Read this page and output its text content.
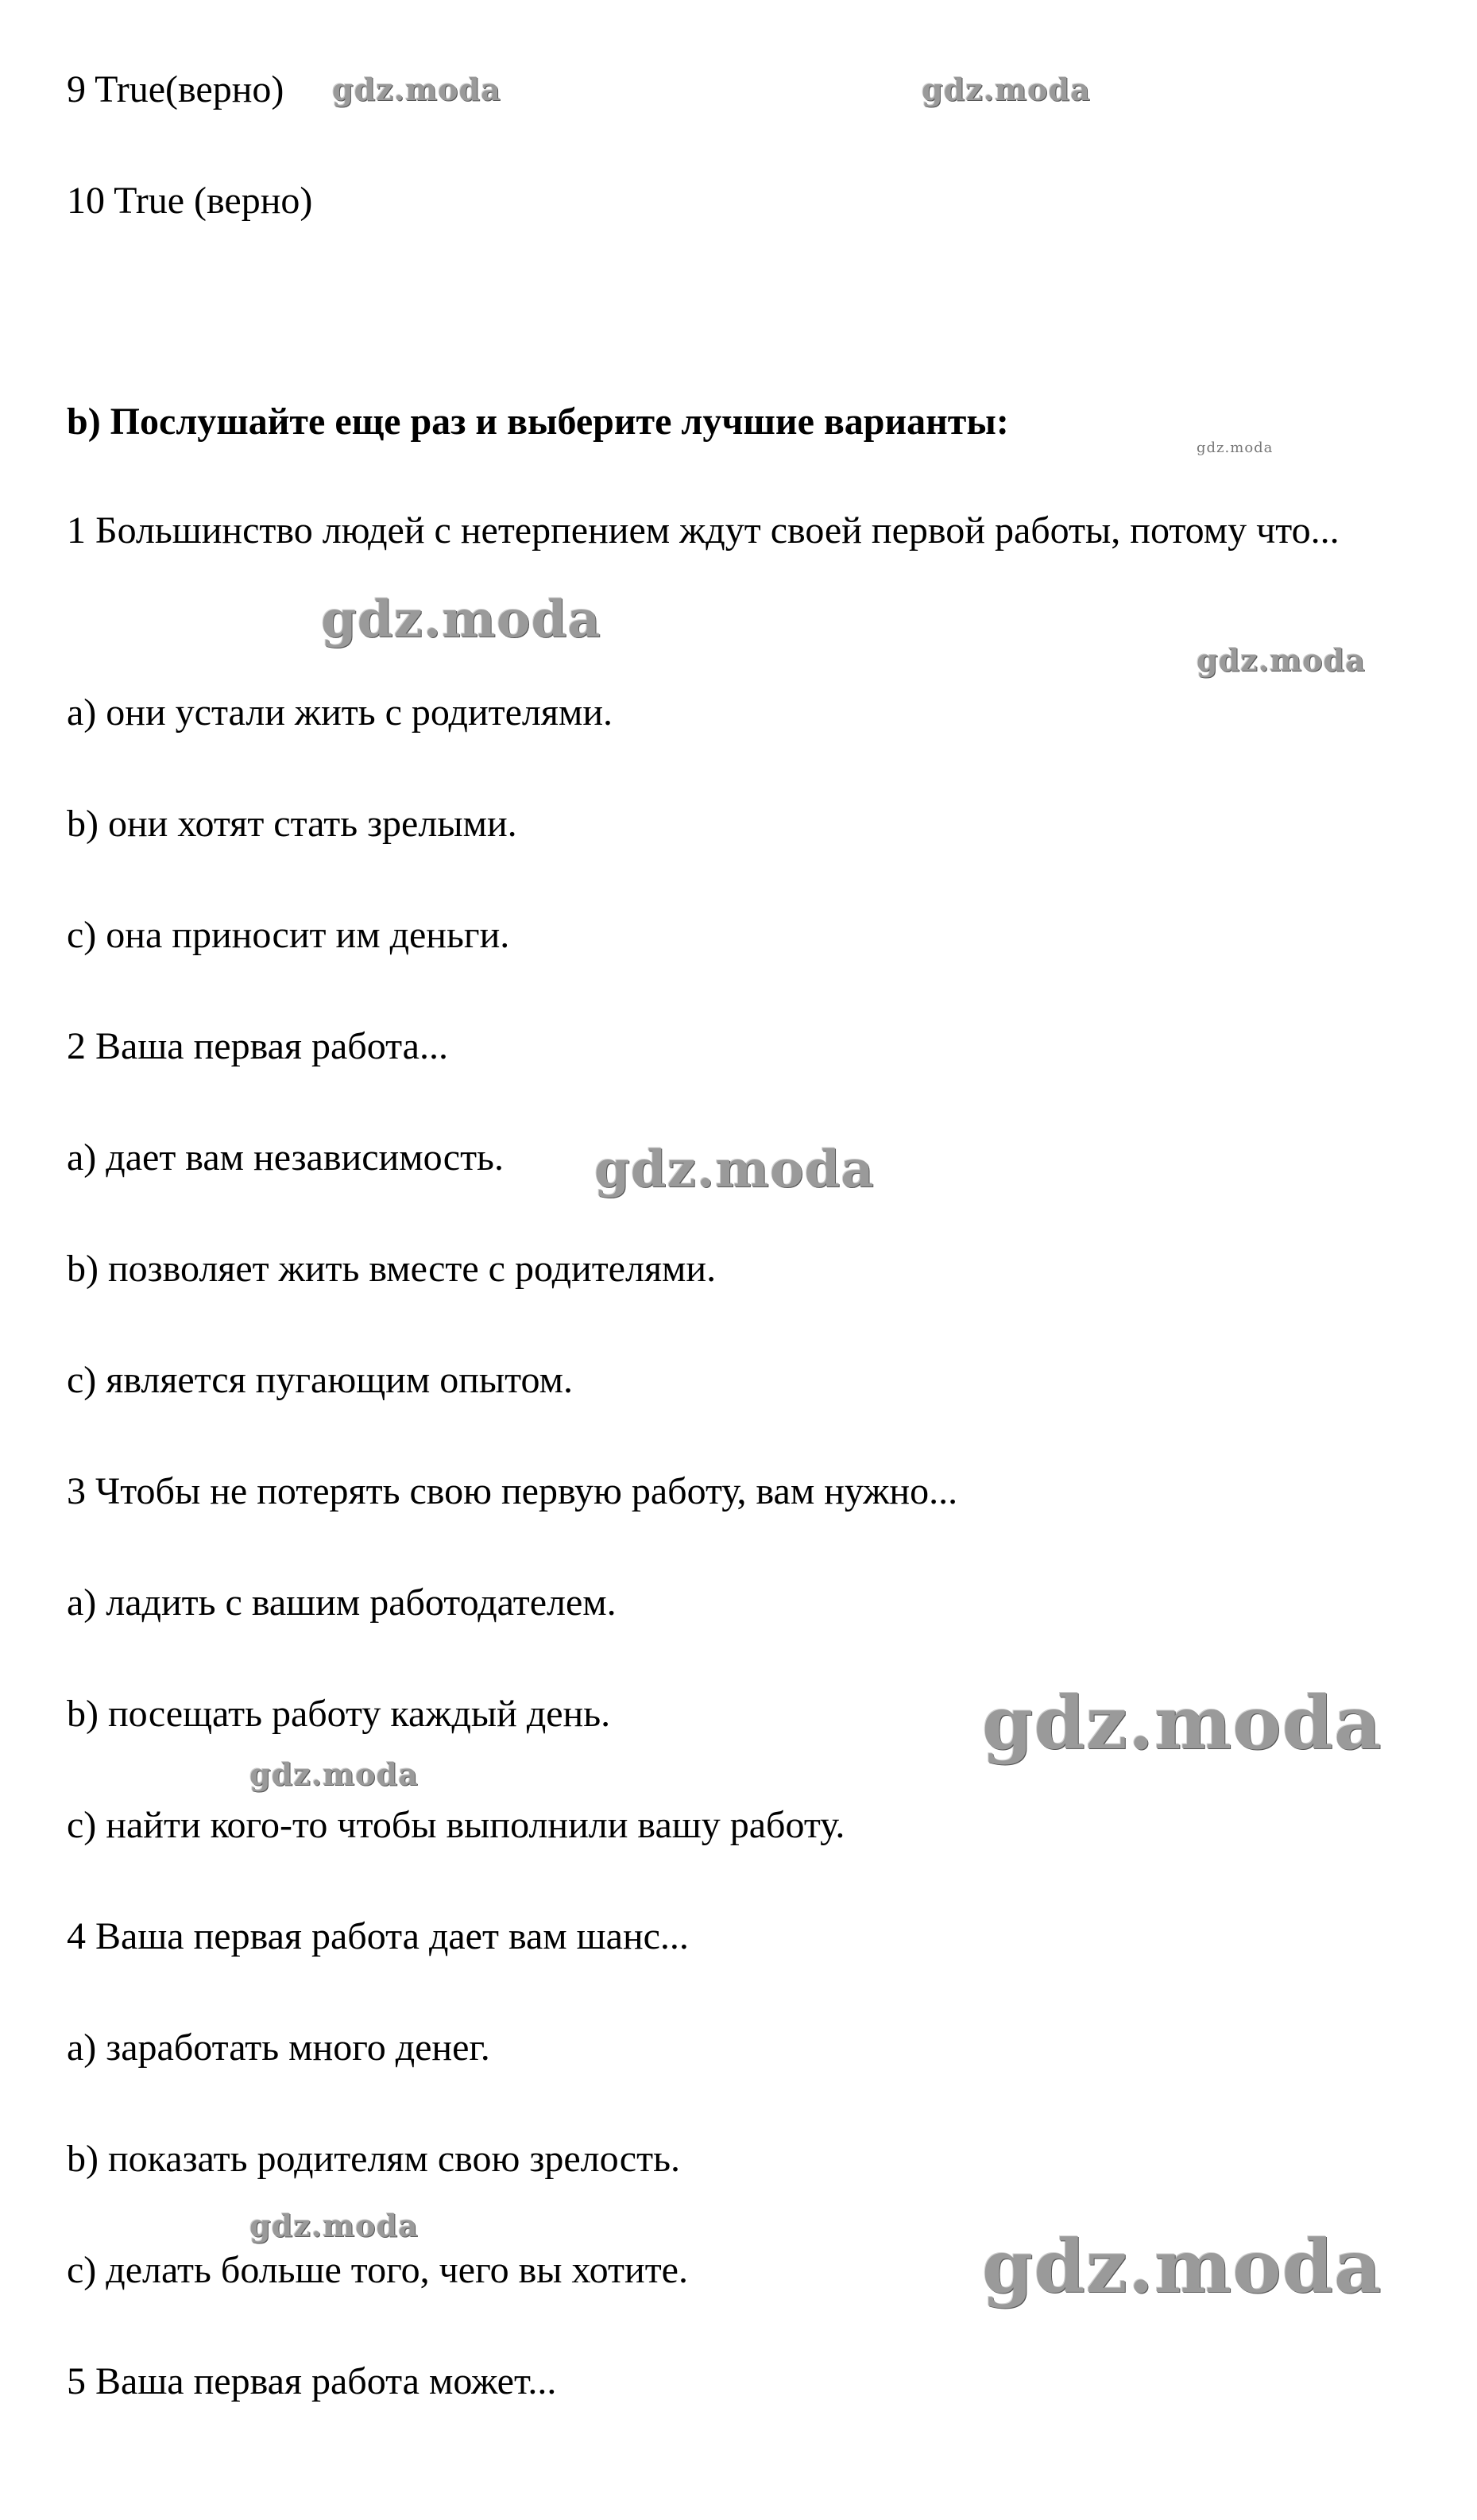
9 True(верно)
10 True (верно)
b) Послушайте еще раз и выберите лучшие варианты:
1 Большинство людей с нетерпением ждут своей первой работы, потому что...
а) они устали жить с родителями.
b) они хотят стать зрелыми.
с) она приносит им деньги.
2 Ваша первая работа...
а) дает вам независимость.
b) позволяет жить вместе с родителями.
с) является пугающим опытом.
3 Чтобы не потерять свою первую работу, вам нужно...
а) ладить с вашим работодателем.
b) посещать работу каждый день.
с) найти кого-то чтобы выполнили вашу работу.
4 Ваша первая работа дает вам шанс...
а) заработать много денег.
b) показать родителям свою зрелость.
с) делать больше того, чего вы хотите.
5 Ваша первая работа может...
gdz.moda	gdz.moda
gdz.moda
gdz.moda
gdz.moda
gdz.moda
gdz.moda
gdz.moda
gdz.moda	gdz.moda
